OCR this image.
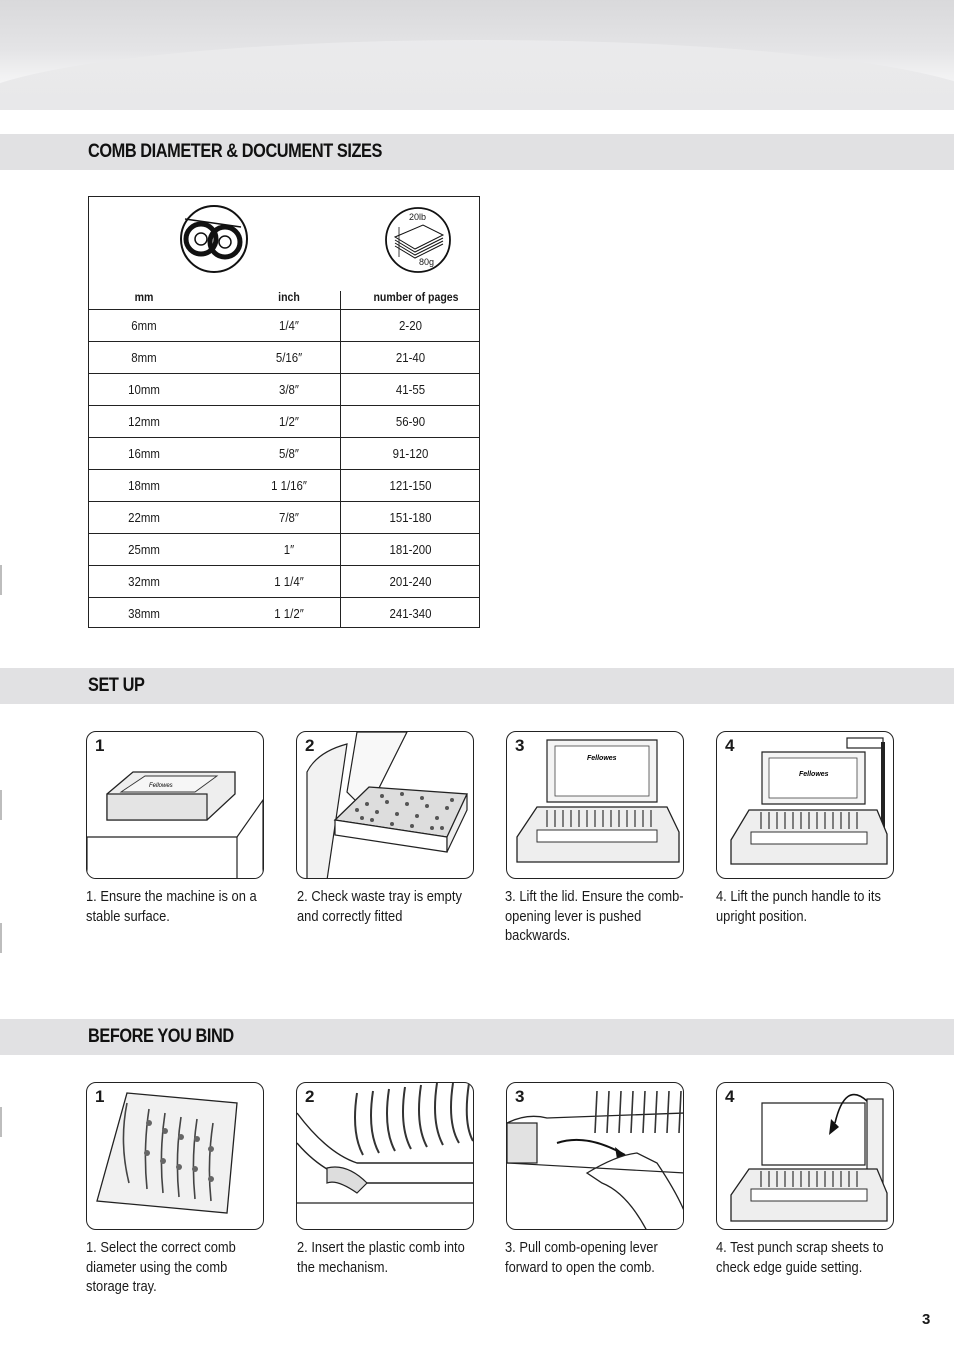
COMB DIAMETER & DOCUMENT SIZES
20lb
80g
mm	inch	number of pages
6mm	1/4″	2-20
8mm	5/16″	21-40
10mm	3/8″	41-55
12mm	1/2″	56-90
16mm	5/8″	91-120
18mm	1 1/16″	121-150
22mm	7/8″	151-180
25mm	1″	181-200
32mm	1 1/4″	201-240
38mm	1 1/2″	241-340
SET UP
1
Fellowes
1. Ensure the machine is on a stable surface.
2
2. Check waste tray is empty and correctly fitted
3
Fellowes
3. Lift the lid. Ensure the comb-opening lever is pushed backwards.
4
Fellowes
4. Lift the punch handle to its upright position.
BEFORE YOU BIND
1
1. Select the correct comb diameter using the comb storage tray.
2
2. Insert the plastic comb into the mechanism.
3
3. Pull comb-opening lever forward to open the comb.
4
4. Test punch scrap sheets to check edge guide setting.
3
